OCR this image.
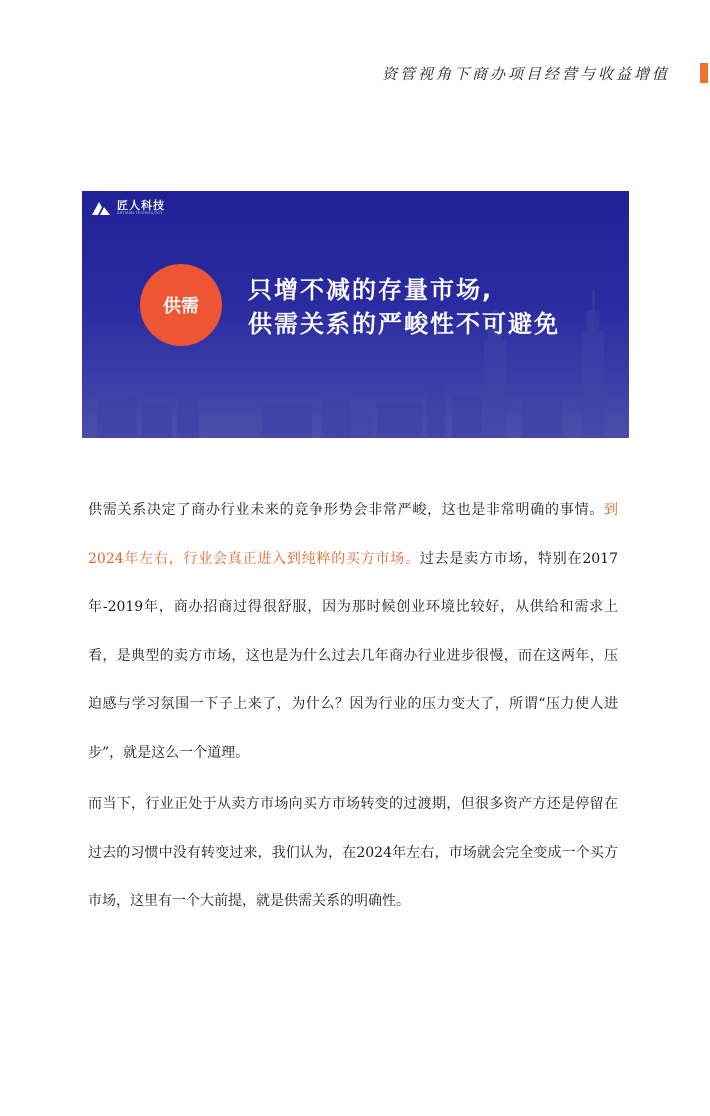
资管视角下商办项目经营与收益增值
匠人科技
ARTISAN TECHNOLOGY
供需
只增不减的存量市场,
供需关系的严峻性不可避免

供需关系决定了商办行业未来的竞争形势会非常严峻，这也是非常明确的事情。到2024年左右，行业会真正进入到纯粹的买方市场。过去是卖方市场，特别在2017年-2019年，商办招商过得很舒服，因为那时候创业环境比较好，从供给和需求上看，是典型的卖方市场，这也是为什么过去几年商办行业进步很慢，而在这两年，压迫感与学习氛围一下子上来了，为什么？因为行业的压力变大了，所谓“压力使人进步”，就是这么一个道理。

而当下，行业正处于从卖方市场向买方市场转变的过渡期，但很多资产方还是停留在过去的习惯中没有转变过来，我们认为，在2024年左右，市场就会完全变成一个买方市场，这里有一个大前提，就是供需关系的明确性。
